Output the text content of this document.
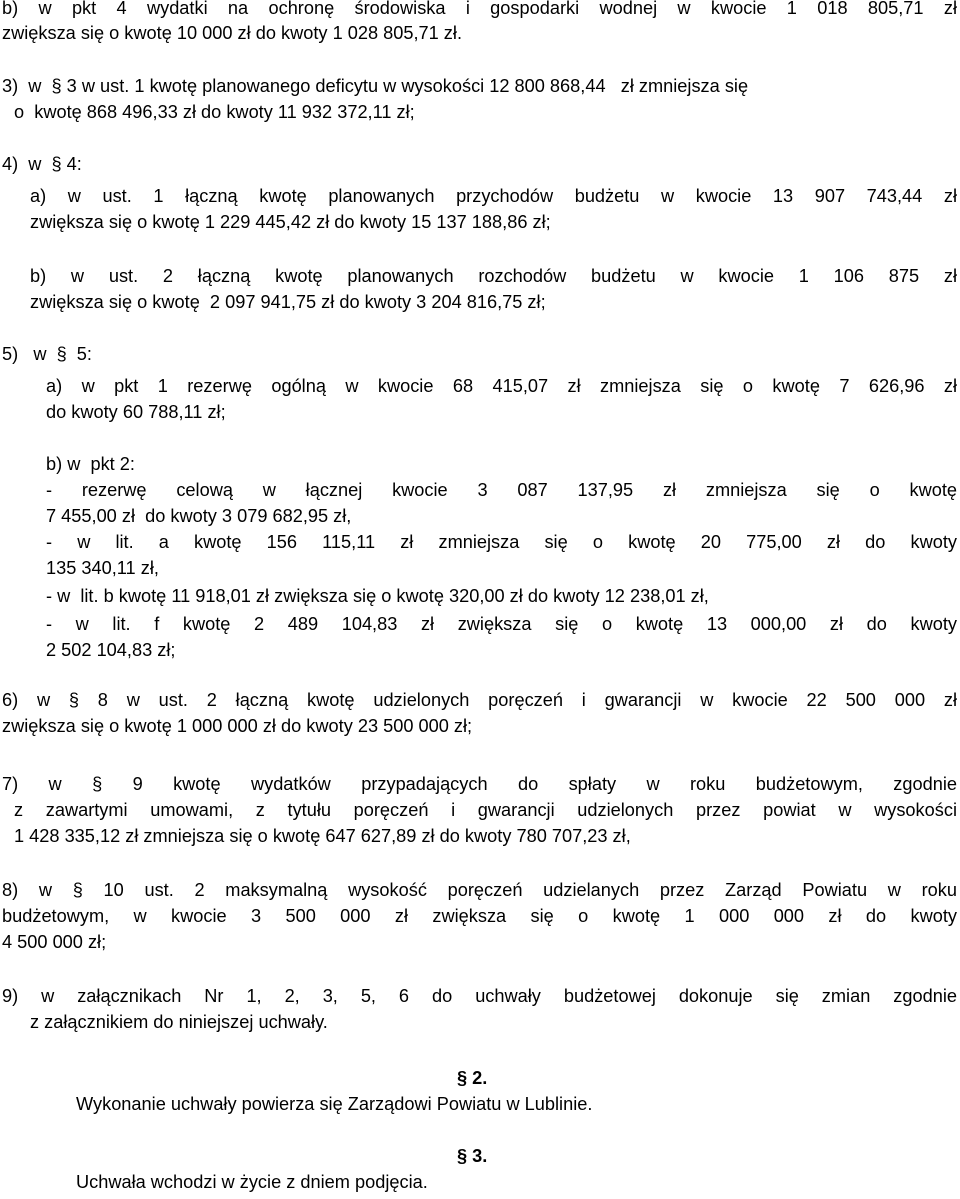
b) w pkt 4 wydatki na ochronę środowiska i gospodarki wodnej w kwocie 1 018 805,71 zł
zwiększa się o kwotę 10 000 zł do kwoty 1 028 805,71 zł.
3)  w  § 3 w ust. 1 kwotę planowanego deficytu w wysokości 12 800 868,44   zł zmniejsza się
o  kwotę 868 496,33 zł do kwoty 11 932 372,11 zł;
4)  w  § 4:
a) w ust. 1 łączną kwotę planowanych przychodów budżetu w kwocie 13 907 743,44 zł
zwiększa się o kwotę 1 229 445,42 zł do kwoty 15 137 188,86 zł;
b) w ust. 2 łączną kwotę planowanych rozchodów budżetu w kwocie 1 106 875 zł
zwiększa się o kwotę  2 097 941,75 zł do kwoty 3 204 816,75 zł;
5)   w  §  5:
a) w pkt 1 rezerwę ogólną w kwocie 68 415,07 zł zmniejsza się o kwotę 7 626,96 zł
do kwoty 60 788,11 zł;
b) w  pkt 2:
- rezerwę celową w łącznej kwocie 3 087 137,95 zł zmniejsza się o kwotę
7 455,00 zł  do kwoty 3 079 682,95 zł,
- w lit. a kwotę 156 115,11 zł zmniejsza się o kwotę 20 775,00 zł do kwoty
135 340,11 zł,
- w  lit. b kwotę 11 918,01 zł zwiększa się o kwotę 320,00 zł do kwoty 12 238,01 zł,
- w lit. f kwotę 2 489 104,83 zł zwiększa się o kwotę 13 000,00 zł do kwoty
2 502 104,83 zł;
6) w § 8 w ust. 2 łączną kwotę udzielonych poręczeń i gwarancji w kwocie 22 500 000 zł
zwiększa się o kwotę 1 000 000 zł do kwoty 23 500 000 zł;
7) w § 9 kwotę wydatków przypadających do spłaty w roku budżetowym, zgodnie
z zawartymi umowami, z tytułu poręczeń i gwarancji udzielonych przez powiat w wysokości
1 428 335,12 zł zmniejsza się o kwotę 647 627,89 zł do kwoty 780 707,23 zł,
8) w § 10 ust. 2 maksymalną wysokość poręczeń udzielanych przez Zarząd Powiatu w roku
budżetowym, w kwocie 3 500 000 zł zwiększa się o kwotę 1 000 000 zł do kwoty
4 500 000 zł;
9) w załącznikach Nr 1, 2, 3, 5, 6 do uchwały budżetowej dokonuje się zmian zgodnie
z załącznikiem do niniejszej uchwały.
§ 2.
Wykonanie uchwały powierza się Zarządowi Powiatu w Lublinie.
§ 3.
Uchwała wchodzi w życie z dniem podjęcia.
